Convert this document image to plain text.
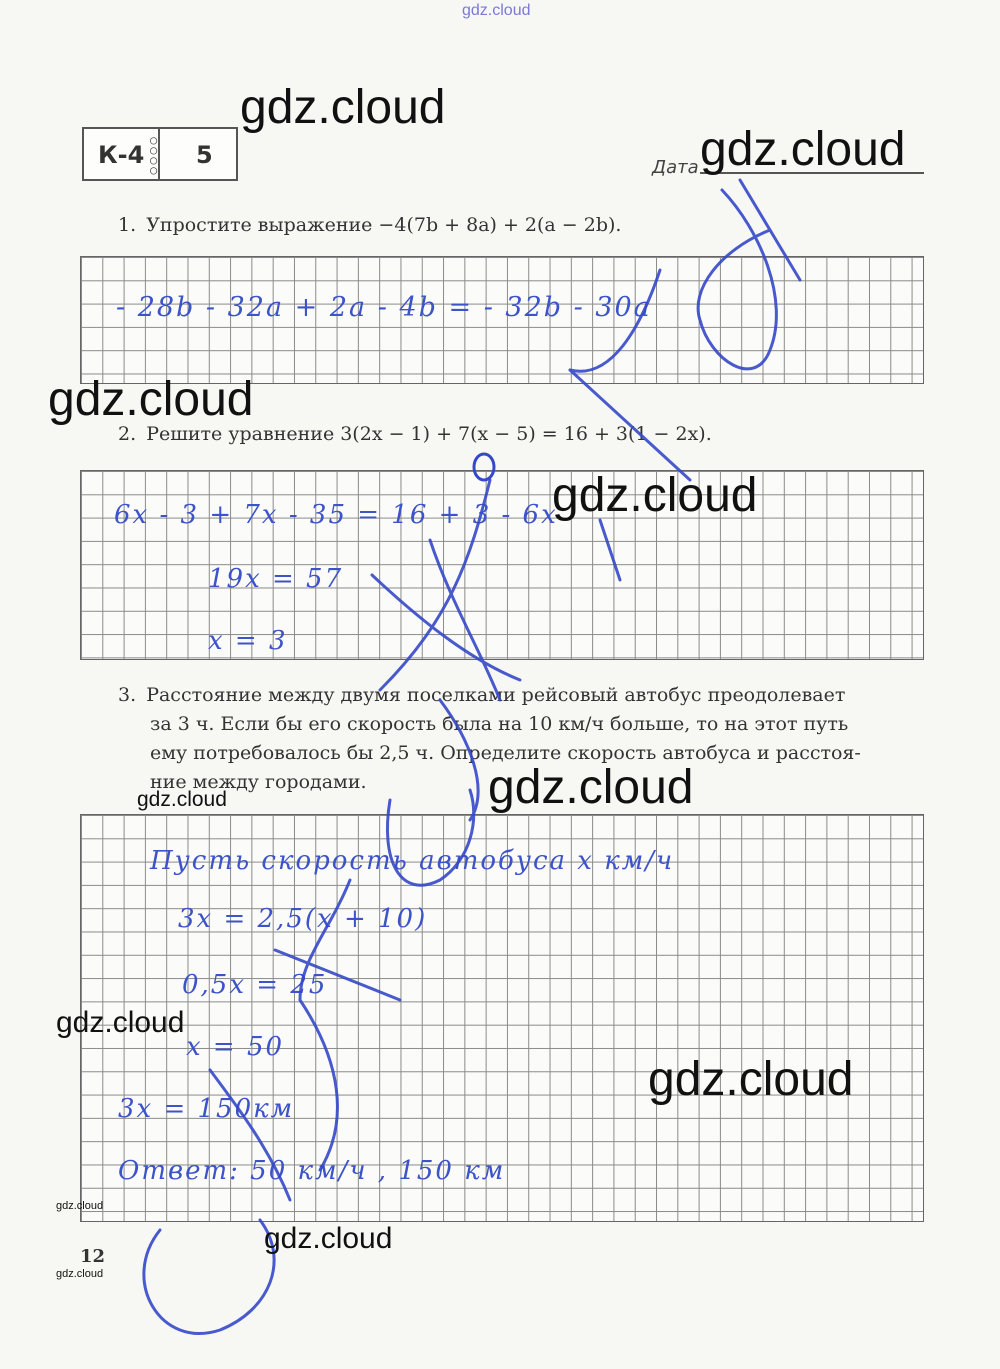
gdz.cloud
К-4
○
○
○
○
5	Дата
1. Упростите выражение −4(7b + 8a) + 2(a − 2b).
- 28b - 32a + 2a - 4b = - 32b - 30a
2. Решите уравнение 3(2x − 1) + 7(x − 5) = 16 + 3(1 − 2x).
6x - 3 + 7x - 35 = 16 + 3 - 6x
19x = 57
x = 3
3. Расстояние между двумя поселками рейсовый автобус преодолевает
за 3 ч. Если бы его скорость была на 10 км/ч больше, то на этот путь
ему потребовалось бы 2,5 ч. Определите скорость автобуса и расстоя-
ние между городами.
Пусть скорость автобуса x км/ч
3x = 2,5(x + 10)
0,5x = 25
x = 50
3x = 150км
Ответ: 50 км/ч , 150 км
12
gdz.cloud
gdz.cloud
gdz.cloud
gdz.cloud
gdz.cloud
gdz.cloud
gdz.cloud
gdz.cloud
gdz.cloud
gdz.cloud
gdz.cloud
